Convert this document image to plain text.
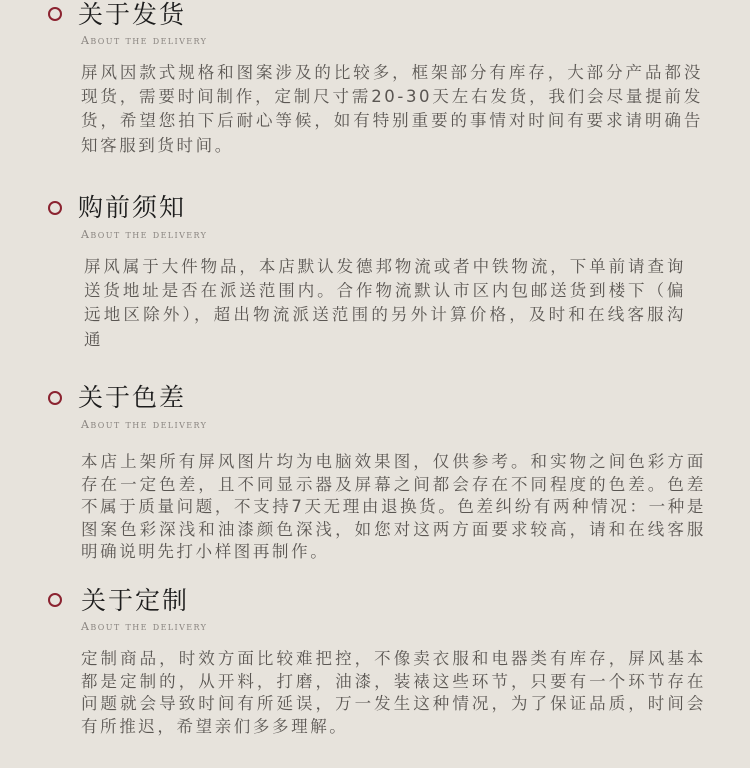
关于发货
About the delivery
屏风因款式规格和图案涉及的比较多，框架部分有库存，大部分产品都没现货，需要时间制作，定制尺寸需20-30天左右发货，我们会尽量提前发货，希望您拍下后耐心等候，如有特别重要的事情对时间有要求请明确告知客服到货时间。
购前须知
About the delivery
屏风属于大件物品，本店默认发德邦物流或者中铁物流，下单前请查询送货地址是否在派送范围内。合作物流默认市区内包邮送货到楼下（偏远地区除外），超出物流派送范围的另外计算价格，及时和在线客服沟通
关于色差
About the delivery
本店上架所有屏风图片均为电脑效果图，仅供参考。和实物之间色彩方面存在一定色差，且不同显示器及屏幕之间都会存在不同程度的色差。色差不属于质量问题，不支持7天无理由退换货。色差纠纷有两种情况：一种是图案色彩深浅和油漆颜色深浅，如您对这两方面要求较高，请和在线客服明确说明先打小样图再制作。
关于定制
About the delivery
定制商品，时效方面比较难把控，不像卖衣服和电器类有库存，屏风基本都是定制的，从开料，打磨，油漆，装裱这些环节，只要有一个环节存在问题就会导致时间有所延误，万一发生这种情况，为了保证品质，时间会有所推迟，希望亲们多多理解。
